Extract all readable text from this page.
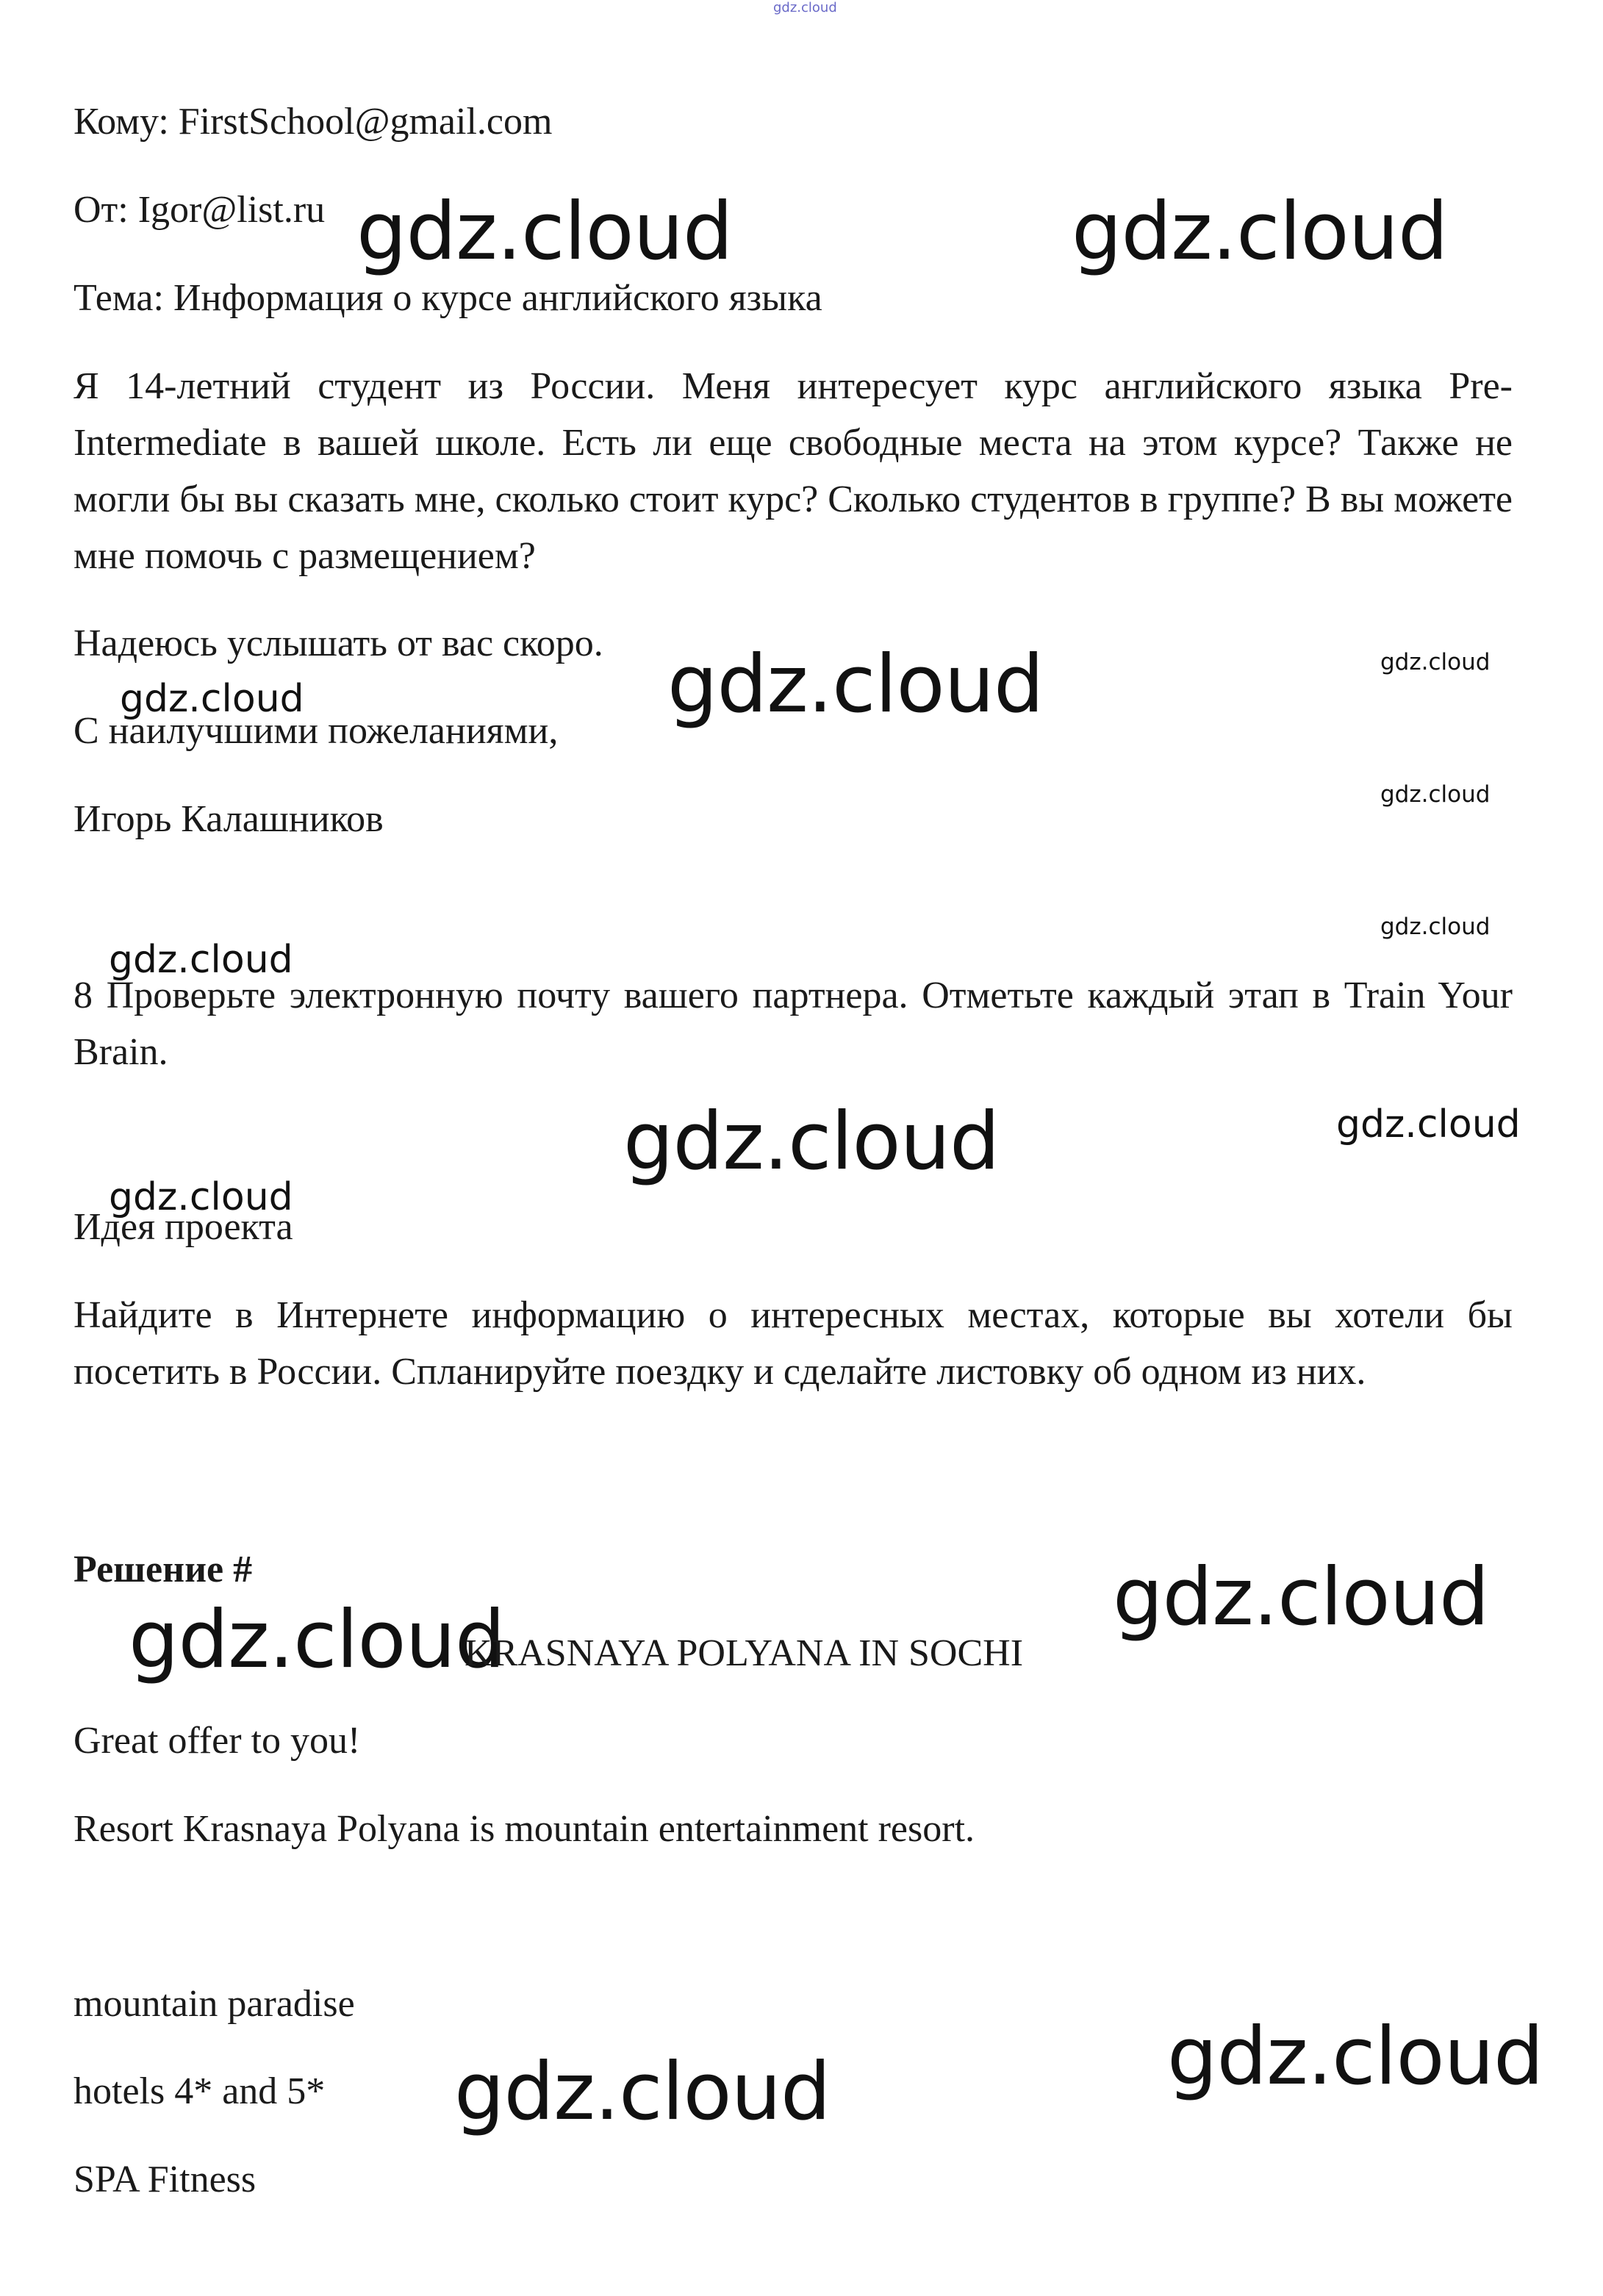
gdz.cloud

Кому: FirstSchool@gmail.com

От: Igor@list.ru

Тема: Информация о курсе английского языка

gdz.cloud	gdz.cloud

Я 14-летний студент из России. Меня интересует курс английского языка Pre-Intermediate в вашей школе. Есть ли еще свободные места на этом курсе? Также не могли бы вы сказать мне, сколько стоит курс? Сколько студентов в группе? В вы можете мне помочь с размещением?

Надеюсь услышать от вас скоро.

С наилучшими пожеланиями,

Игорь Калашников

gdz.cloud
gdz.cloud
gdz.cloud
gdz.cloud
gdz.cloud
gdz.cloud

8 Проверьте электронную почту вашего партнера. Отметьте каждый этап в Train Your Brain.

gdz.cloud	gdz.cloud
gdz.cloud

Идея проекта

Найдите в Интернете информацию о интересных местах, которые вы хотели бы посетить в России. Спланируйте поездку и сделайте листовку об одном из них.

Решение #

gdz.cloud	gdz.cloud

KRASNAYA POLYANA IN SOCHI

Great offer to you!

Resort Krasnaya Polyana is mountain entertainment resort.

mountain paradise

hotels 4* and 5*

SPA Fitness

gdz.cloud
gdz.cloud
